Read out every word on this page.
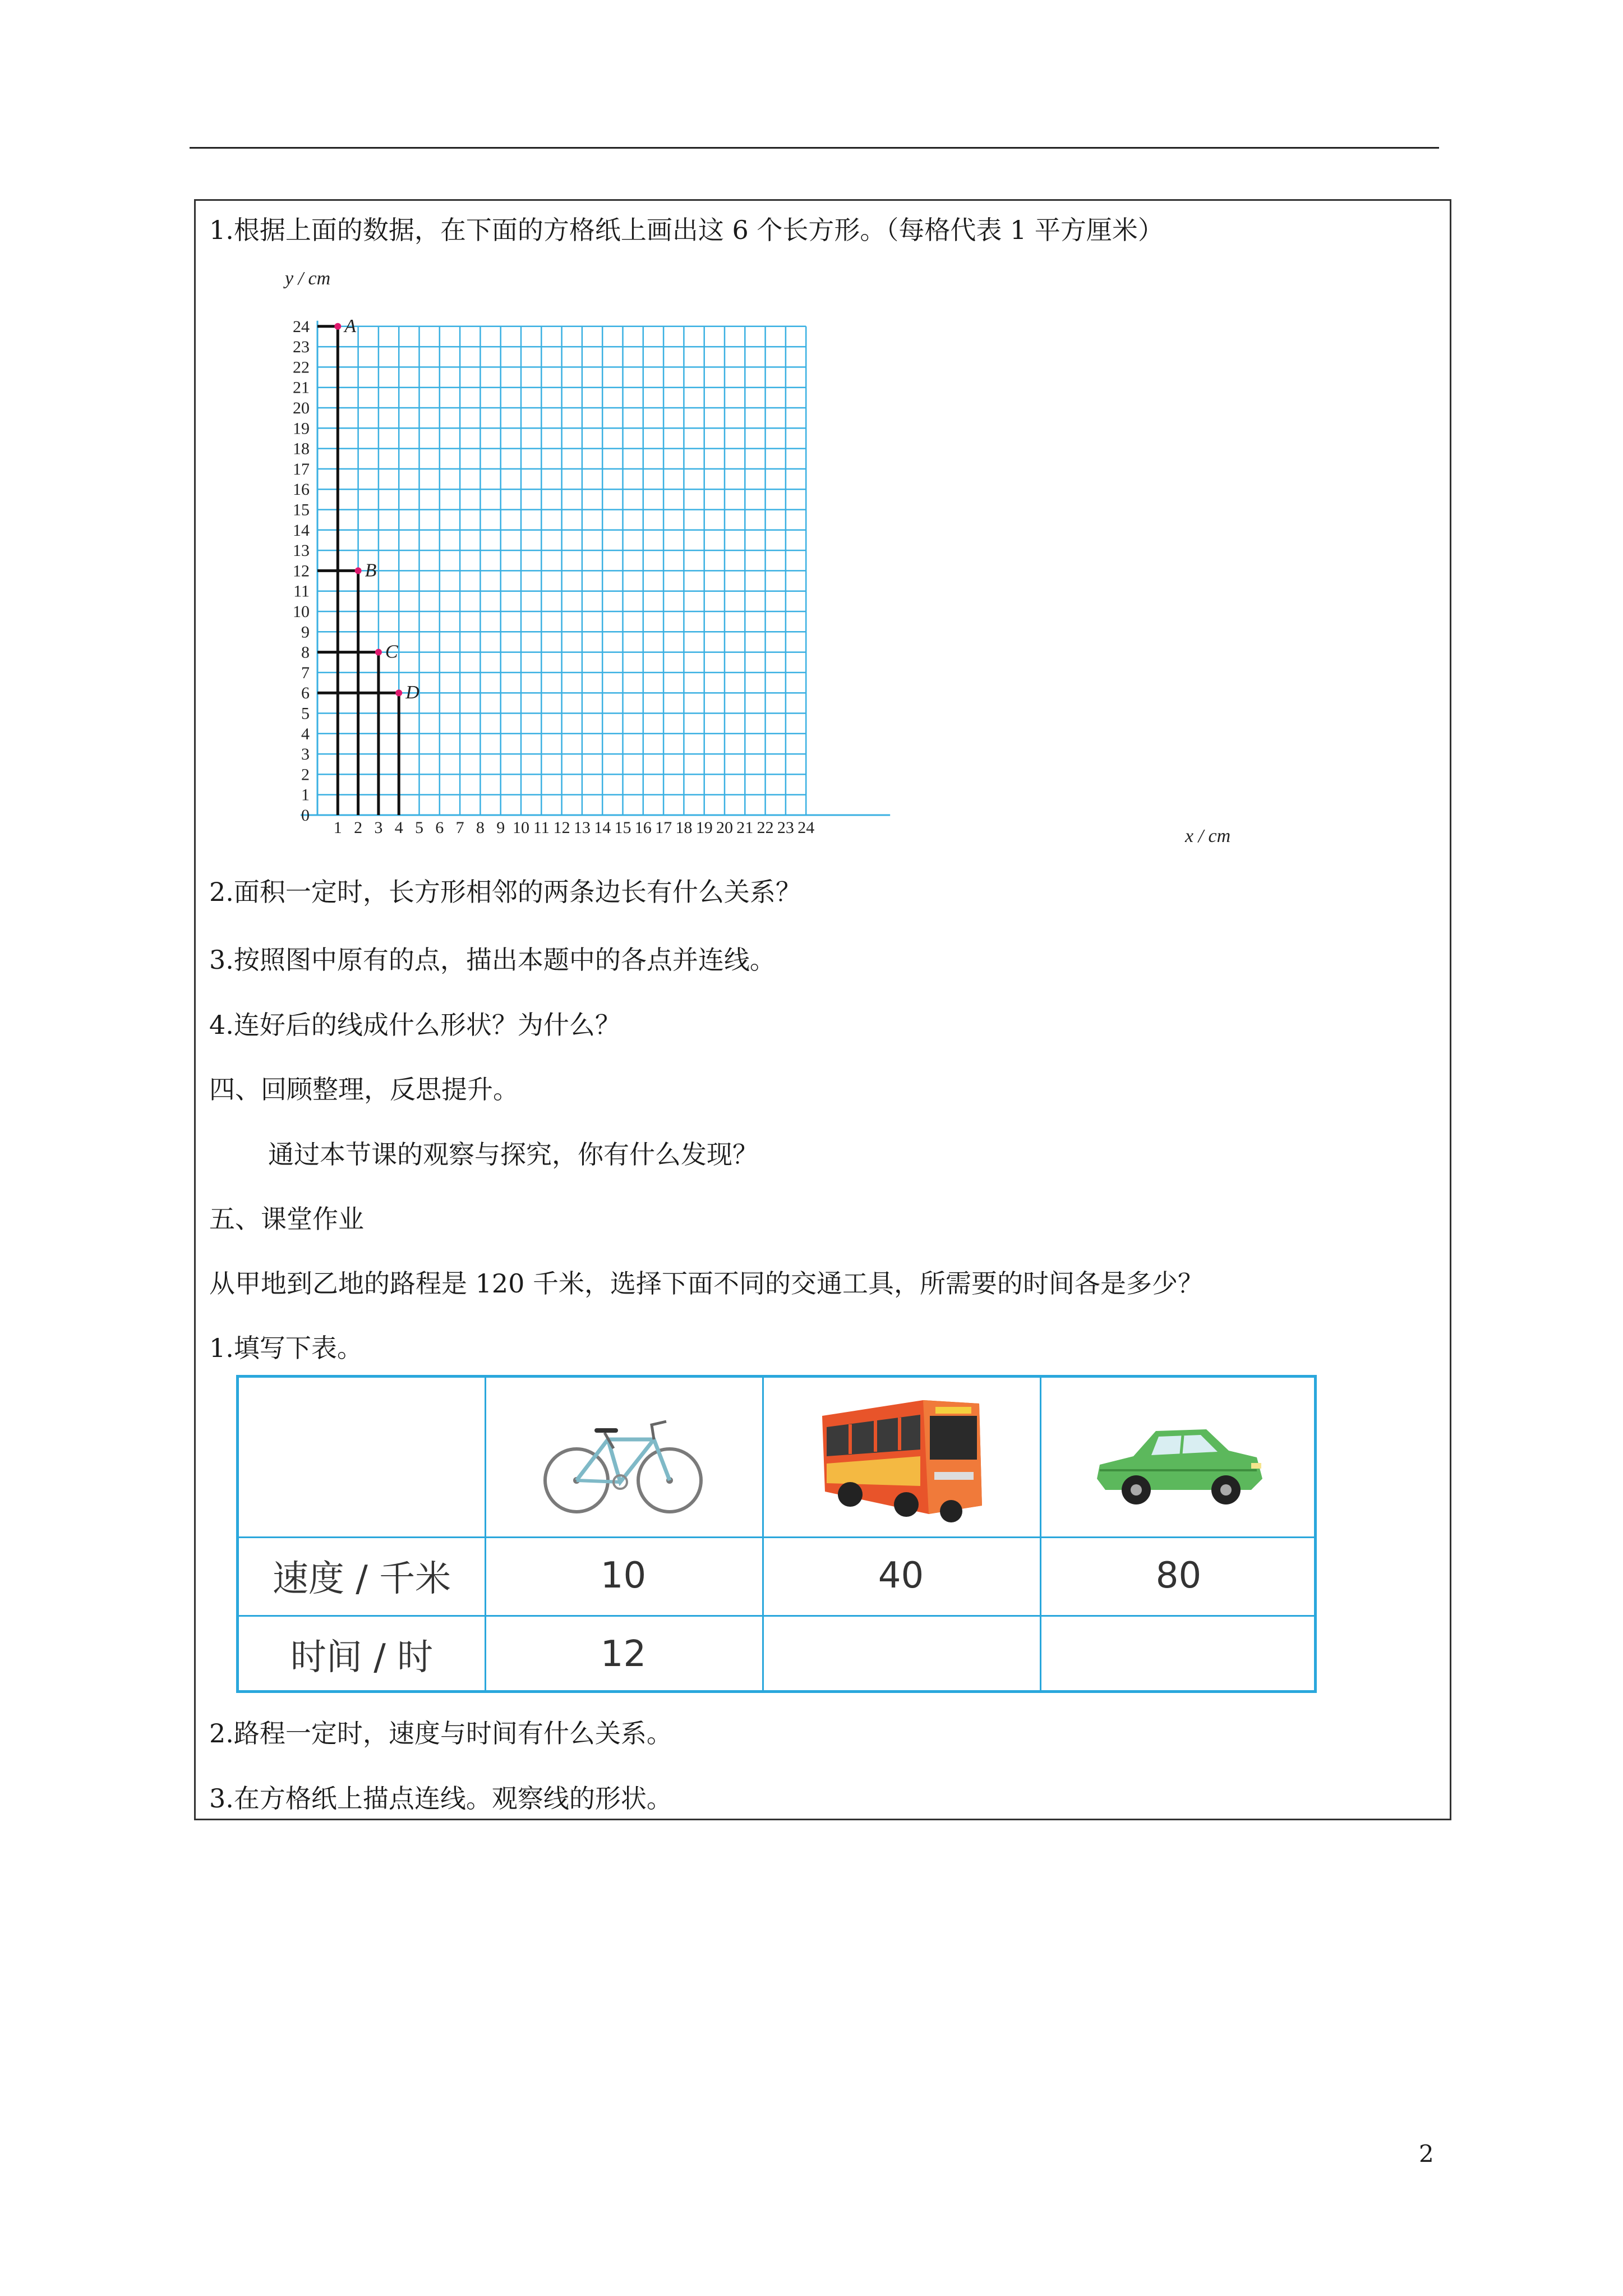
1.根据上面的数据，在下面的方格纸上画出这 6 个长方形。（每格代表 1 平方厘米）
0
1
1
2
2
3
3
4
4
5
5
6
6
7
7
8
8
9
9
10
10
11
11
12
12
13
13
14
14
15
15
16
16
17
17
18
18
19
19
20
20
21
21
22
22
23
23
24
24
A
B
C
D
y / cm
x / cm
2.面积一定时，长方形相邻的两条边长有什么关系？
3.按照图中原有的点，描出本题中的各点并连线。
4.连好后的线成什么形状？为什么？
四、回顾整理，反思提升。
通过本节课的观察与探究，你有什么发现？
五、课堂作业
从甲地到乙地的路程是 120 千米，选择下面不同的交通工具，所需要的时间各是多少？
1.填写下表。
速度 / 千米	10	40	80
时间 / 时	12
2.路程一定时，速度与时间有什么关系。
3.在方格纸上描点连线。观察线的形状。
2
